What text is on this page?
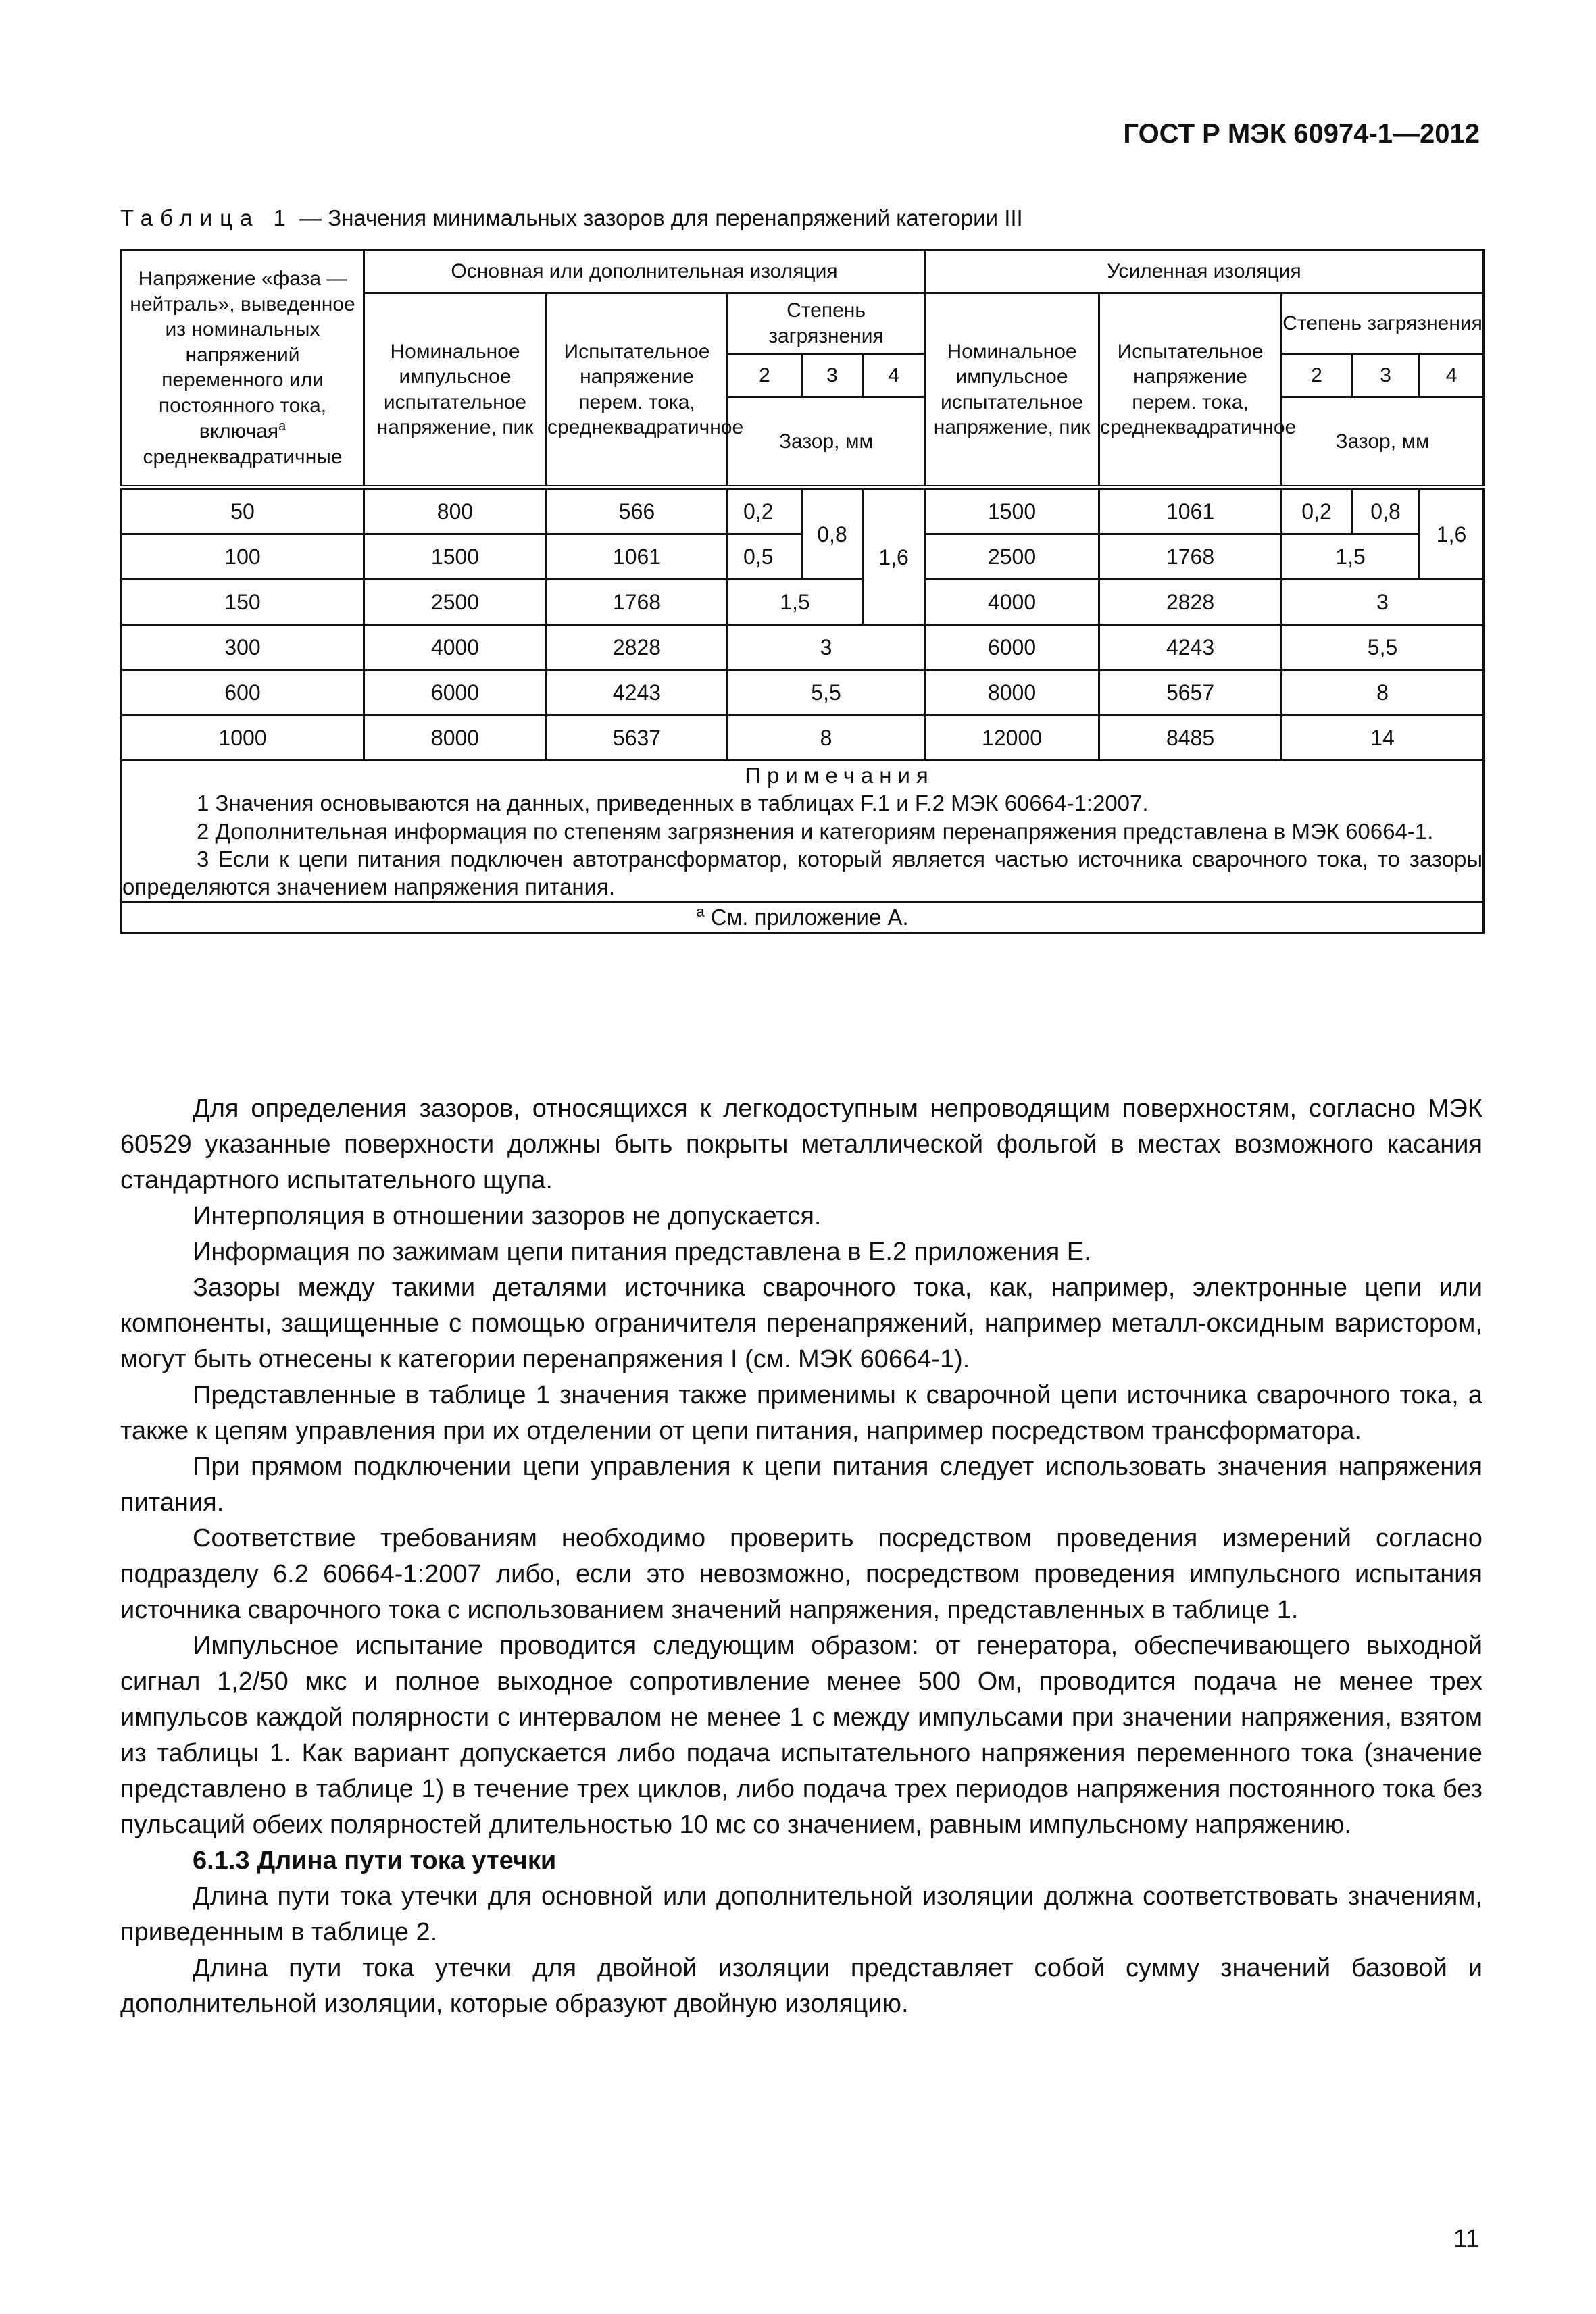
ГОСТ Р МЭК 60974-1—2012
Таблица 1 — Значения минимальных зазоров для перенапряжений категории III
Напряжение «фаза — нейтраль», выведенное из номинальных напряжений переменного или постоянного тока, включая$^а$ среднеквадратичные	Основная или дополнительная изоляция					Усиленная изоляция				
	Номинальное импульсное испытательное напряжение, пик	Испытательное напряжение перем. тока, среднеквадратичное	Степень загрязнения			Номинальное импульсное испытательное напряжение, пик	Испытательное напряжение перем. тока, среднеквадратичное	Степень загрязнения		
			2	3	4			2	3	4
			Зазор, мм					Зазор, мм		
50	800	566	0,2	0,8	1,6	1500	1061	0,2	0,8	1,6
100	1500	1061	0,5			2500	1768	1,5		
150	2500	1768	1,5			4000	2828	3		
300	4000	2828	3			6000	4243	5,5		
600	6000	4243	5,5			8000	5657	8		
1000	8000	5637	8			12000	8485	14		

Примечания
1 Значения основываются на данных, приведенных в таблицах F.1 и F.2 МЭК 60664-1:2007.
2 Дополнительная информация по степеням загрязнения и категориям перенапряжения представлена в МЭК 60664-1.
3 Если к цепи питания подключен автотрансформатор, который является частью источника сварочного тока, то зазоры определяются значением напряжения питания.										

$^а$ См. приложение А.										

Для определения зазоров, относящихся к легкодоступным непроводящим поверхностям, согласно МЭК 60529 указанные поверхности должны быть покрыты металлической фольгой в местах возможного касания стандартного испытательного щупа.

Интерполяция в отношении зазоров не допускается.

Информация по зажимам цепи питания представлена в Е.2 приложения Е.

Зазоры между такими деталями источника сварочного тока, как, например, электронные цепи или компоненты, защищенные с помощью ограничителя перенапряжений, например металл-оксидным варистором, могут быть отнесены к категории перенапряжения I (см. МЭК 60664-1).

Представленные в таблице 1 значения также применимы к сварочной цепи источника сварочного тока, а также к цепям управления при их отделении от цепи питания, например посредством трансформатора.

При прямом подключении цепи управления к цепи питания следует использовать значения напряжения питания.

Соответствие требованиям необходимо проверить посредством проведения измерений согласно подразделу 6.2 60664-1:2007 либо, если это невозможно, посредством проведения импульсного испытания источника сварочного тока с использованием значений напряжения, представленных в таблице 1.

Импульсное испытание проводится следующим образом: от генератора, обеспечивающего выходной сигнал 1,2/50 мкс и полное выходное сопротивление менее 500 Ом, проводится подача не менее трех импульсов каждой полярности с интервалом не менее 1 с между импульсами при значении напряжения, взятом из таблицы 1. Как вариант допускается либо подача испытательного напряжения переменного тока (значение представлено в таблице 1) в течение трех циклов, либо подача трех периодов напряжения постоянного тока без пульсаций обеих полярностей длительностью 10 мс со значением, равным импульсному напряжению.

6.1.3 Длина пути тока утечки

Длина пути тока утечки для основной или дополнительной изоляции должна соответствовать значениям, приведенным в таблице 2.

Длина пути тока утечки для двойной изоляции представляет собой сумму значений базовой и дополнительной изоляции, которые образуют двойную изоляцию.

11
